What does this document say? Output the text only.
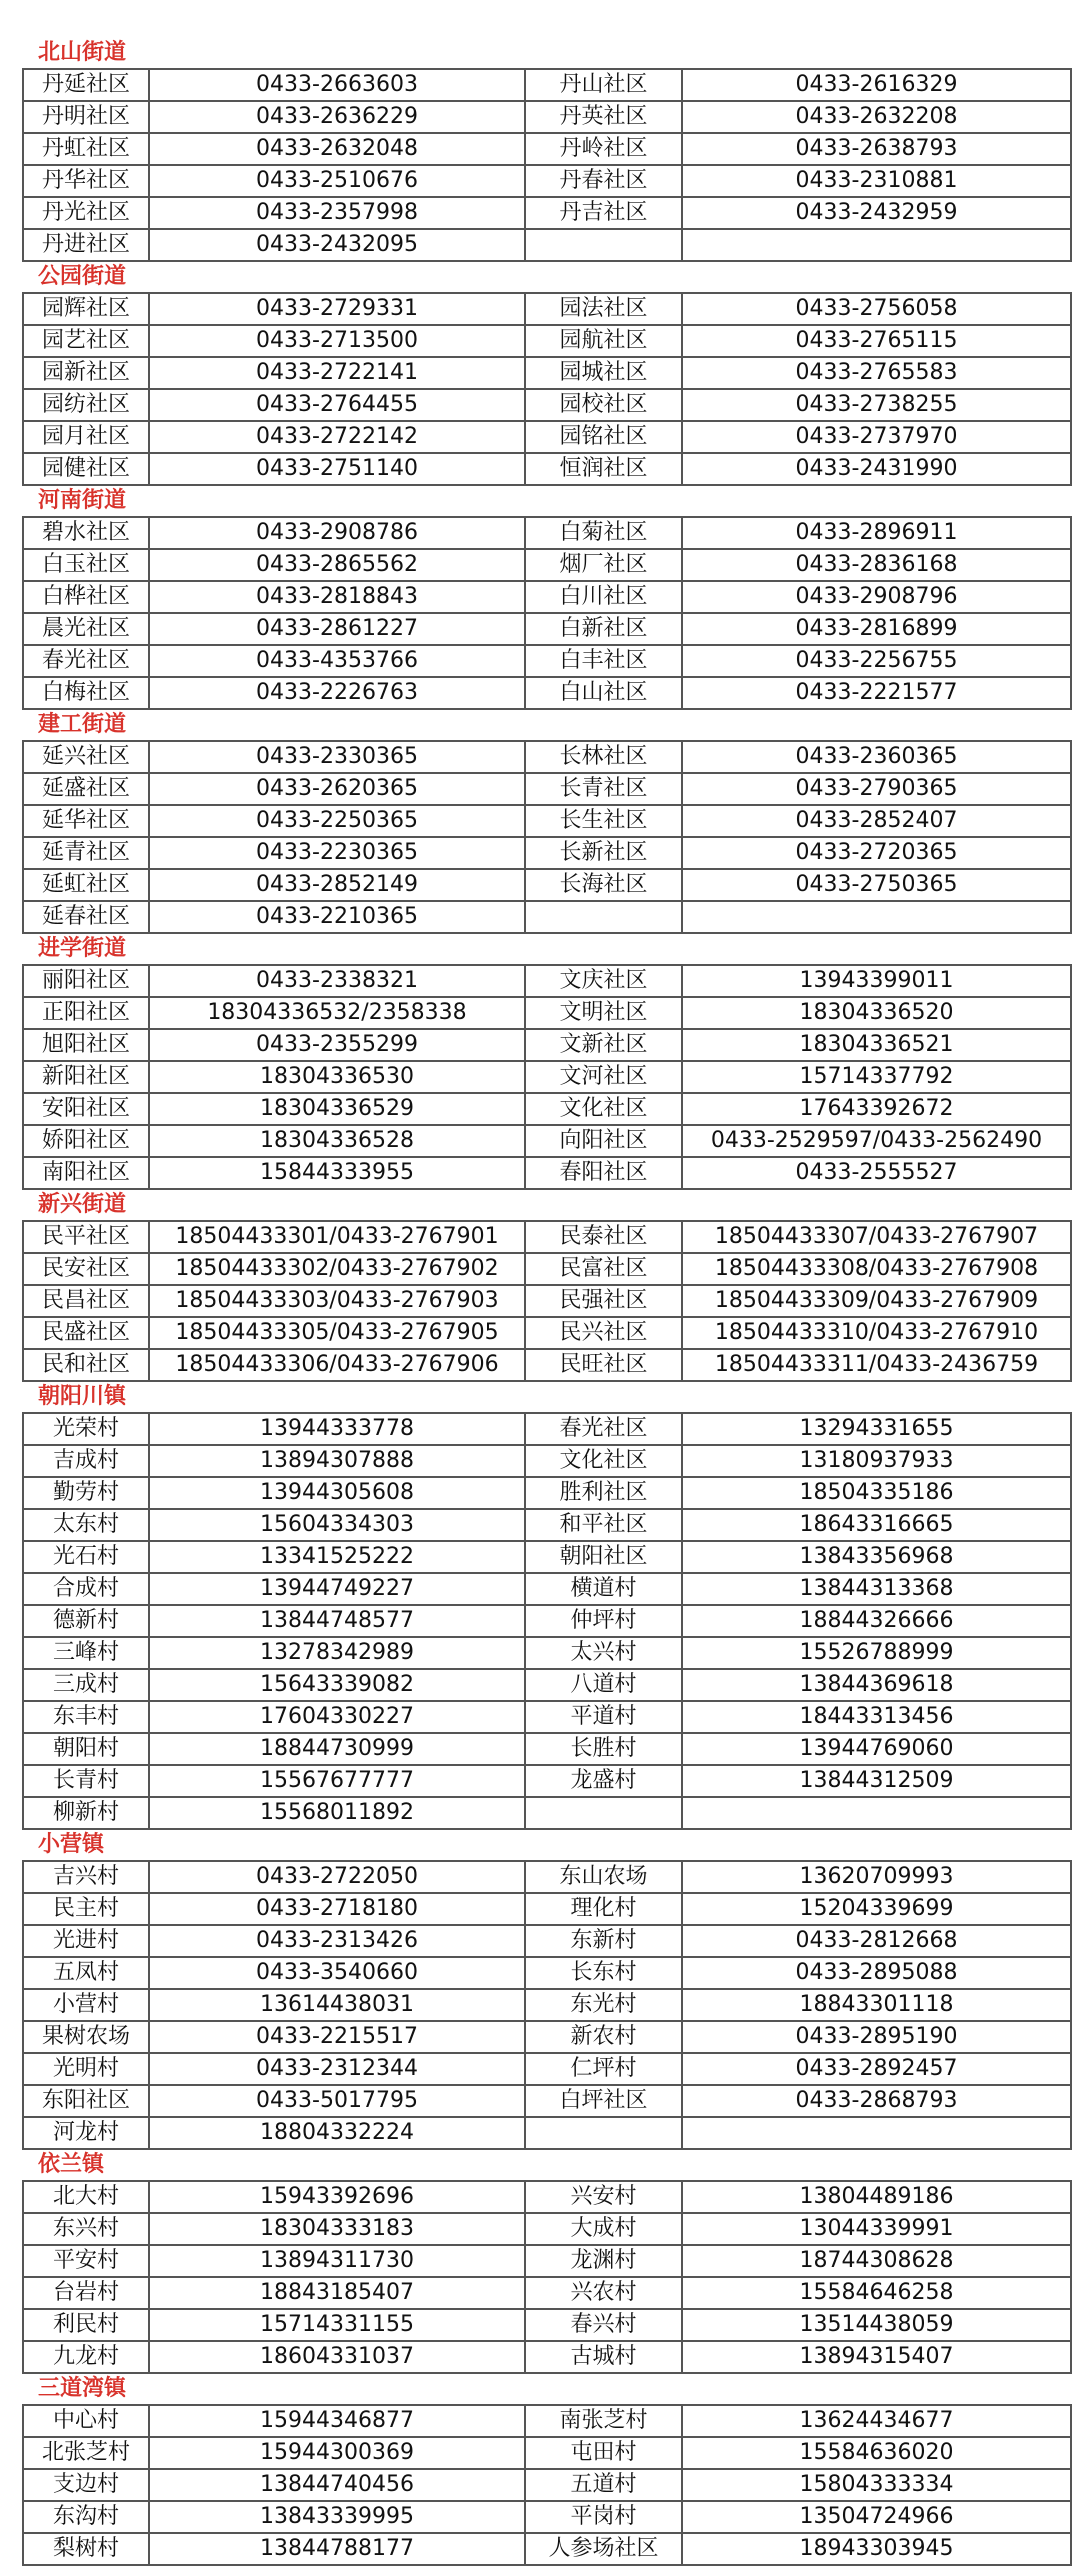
北山街道
丹延社区	0433-2663603	丹山社区	0433-2616329
丹明社区	0433-2636229	丹英社区	0433-2632208
丹虹社区	0433-2632048	丹岭社区	0433-2638793
丹华社区	0433-2510676	丹春社区	0433-2310881
丹光社区	0433-2357998	丹吉社区	0433-2432959
丹进社区	0433-2432095		
公园街道
园辉社区	0433-2729331	园法社区	0433-2756058
园艺社区	0433-2713500	园航社区	0433-2765115
园新社区	0433-2722141	园城社区	0433-2765583
园纺社区	0433-2764455	园校社区	0433-2738255
园月社区	0433-2722142	园铭社区	0433-2737970
园健社区	0433-2751140	恒润社区	0433-2431990
河南街道
碧水社区	0433-2908786	白菊社区	0433-2896911
白玉社区	0433-2865562	烟厂社区	0433-2836168
白桦社区	0433-2818843	白川社区	0433-2908796
晨光社区	0433-2861227	白新社区	0433-2816899
春光社区	0433-4353766	白丰社区	0433-2256755
白梅社区	0433-2226763	白山社区	0433-2221577
建工街道
延兴社区	0433-2330365	长林社区	0433-2360365
延盛社区	0433-2620365	长青社区	0433-2790365
延华社区	0433-2250365	长生社区	0433-2852407
延青社区	0433-2230365	长新社区	0433-2720365
延虹社区	0433-2852149	长海社区	0433-2750365
延春社区	0433-2210365		
进学街道
丽阳社区	0433-2338321	文庆社区	13943399011
正阳社区	18304336532/2358338	文明社区	18304336520
旭阳社区	0433-2355299	文新社区	18304336521
新阳社区	18304336530	文河社区	15714337792
安阳社区	18304336529	文化社区	17643392672
娇阳社区	18304336528	向阳社区	0433-2529597/0433-2562490
南阳社区	15844333955	春阳社区	0433-2555527
新兴街道
民平社区	18504433301/0433-2767901	民泰社区	18504433307/0433-2767907
民安社区	18504433302/0433-2767902	民富社区	18504433308/0433-2767908
民昌社区	18504433303/0433-2767903	民强社区	18504433309/0433-2767909
民盛社区	18504433305/0433-2767905	民兴社区	18504433310/0433-2767910
民和社区	18504433306/0433-2767906	民旺社区	18504433311/0433-2436759
朝阳川镇
光荣村	13944333778	春光社区	13294331655
吉成村	13894307888	文化社区	13180937933
勤劳村	13944305608	胜利社区	18504335186
太东村	15604334303	和平社区	18643316665
光石村	13341525222	朝阳社区	13843356968
合成村	13944749227	横道村	13844313368
德新村	13844748577	仲坪村	18844326666
三峰村	13278342989	太兴村	15526788999
三成村	15643339082	八道村	13844369618
东丰村	17604330227	平道村	18443313456
朝阳村	18844730999	长胜村	13944769060
长青村	15567677777	龙盛村	13844312509
柳新村	15568011892		
小营镇
吉兴村	0433-2722050	东山农场	13620709993
民主村	0433-2718180	理化村	15204339699
光进村	0433-2313426	东新村	0433-2812668
五凤村	0433-3540660	长东村	0433-2895088
小营村	13614438031	东光村	18843301118
果树农场	0433-2215517	新农村	0433-2895190
光明村	0433-2312344	仁坪村	0433-2892457
东阳社区	0433-5017795	白坪社区	0433-2868793
河龙村	18804332224		
依兰镇
北大村	15943392696	兴安村	13804489186
东兴村	18304333183	大成村	13044339991
平安村	13894311730	龙渊村	18744308628
台岩村	18843185407	兴农村	15584646258
利民村	15714331155	春兴村	13514438059
九龙村	18604331037	古城村	13894315407
三道湾镇
中心村	15944346877	南张芝村	13624434677
北张芝村	15944300369	屯田村	15584636020
支边村	13844740456	五道村	15804333334
东沟村	13843339995	平岗村	13504724966
梨树村	13844788177	人参场社区	18943303945
